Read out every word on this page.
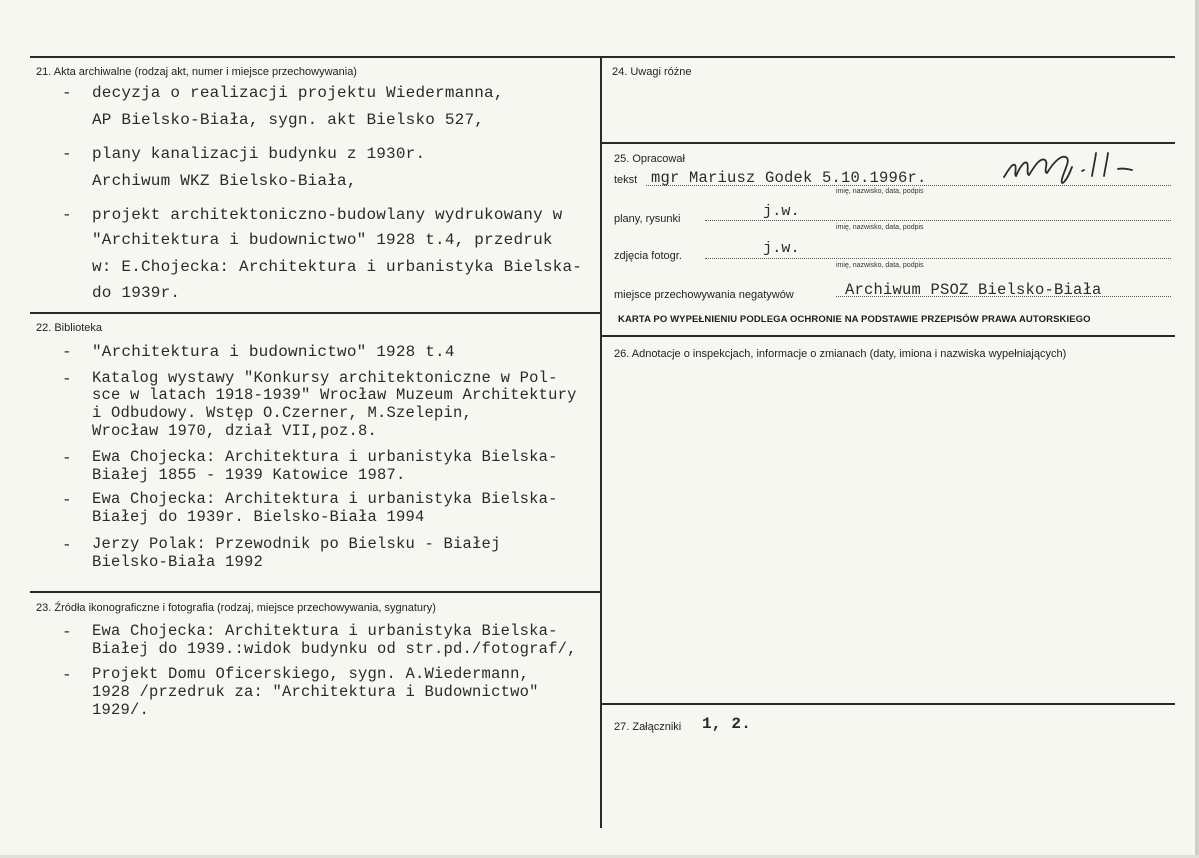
21. Akta archiwalne (rodzaj akt, numer i miejsce przechowywania)
- decyzja o realizacji projektu Wiedermanna,
AP Bielsko-Biała, sygn. akt Bielsko 527,
- plany kanalizacji budynku z 1930r.
Archiwum WKZ Bielsko-Biała,
- projekt architektoniczno-budowlany wydrukowany w
"Architektura i budownictwo" 1928 t.4, przedruk
w: E.Chojecka: Architektura i urbanistyka Bielska-
do 1939r.
22. Biblioteka
- "Architektura i budownictwo" 1928 t.4
- Katalog wystawy "Konkursy architektoniczne w Pol-
sce w latach 1918-1939" Wrocław Muzeum Architektury
i Odbudowy. Wstęp O.Czerner, M.Szelepin,
Wrocław 1970, dział VII,poz.8.
- Ewa Chojecka: Architektura i urbanistyka Bielska-
Białej 1855 - 1939 Katowice 1987.
- Ewa Chojecka: Architektura i urbanistyka Bielska-
Białej do 1939r. Bielsko-Biała 1994
- Jerzy Polak: Przewodnik po Bielsku - Białej
Bielsko-Biała 1992
23. Źródła ikonograficzne i fotografia (rodzaj, miejsce przechowywania, sygnatury)
- Ewa Chojecka: Architektura i urbanistyka Bielska-
Białej do 1939.:widok budynku od str.pd./fotograf/,
- Projekt Domu Oficerskiego, sygn. A.Wiedermann,
1928 /przedruk za: "Architektura i Budownictwo"
1929/.
24. Uwagi różne
25. Opracował
tekst mgr Mariusz Godek 5.10.1996r.
imię, nazwisko, data, podpis
plany, rysunki	j.w.
imię, nazwisko, data, podpis
zdjęcia fotogr.	j.w.
imię, nazwisko, data, podpis
miejsce przechowywania negatywów	Archiwum PSOZ Bielsko-Biała
KARTA PO WYPEŁNIENIU PODLEGA OCHRONIE NA PODSTAWIE PRZEPISÓW PRAWA AUTORSKIEGO
26. Adnotacje o inspekcjach, informacje o zmianach (daty, imiona i nazwiska wypełniających)
27. Załączniki 1, 2.
